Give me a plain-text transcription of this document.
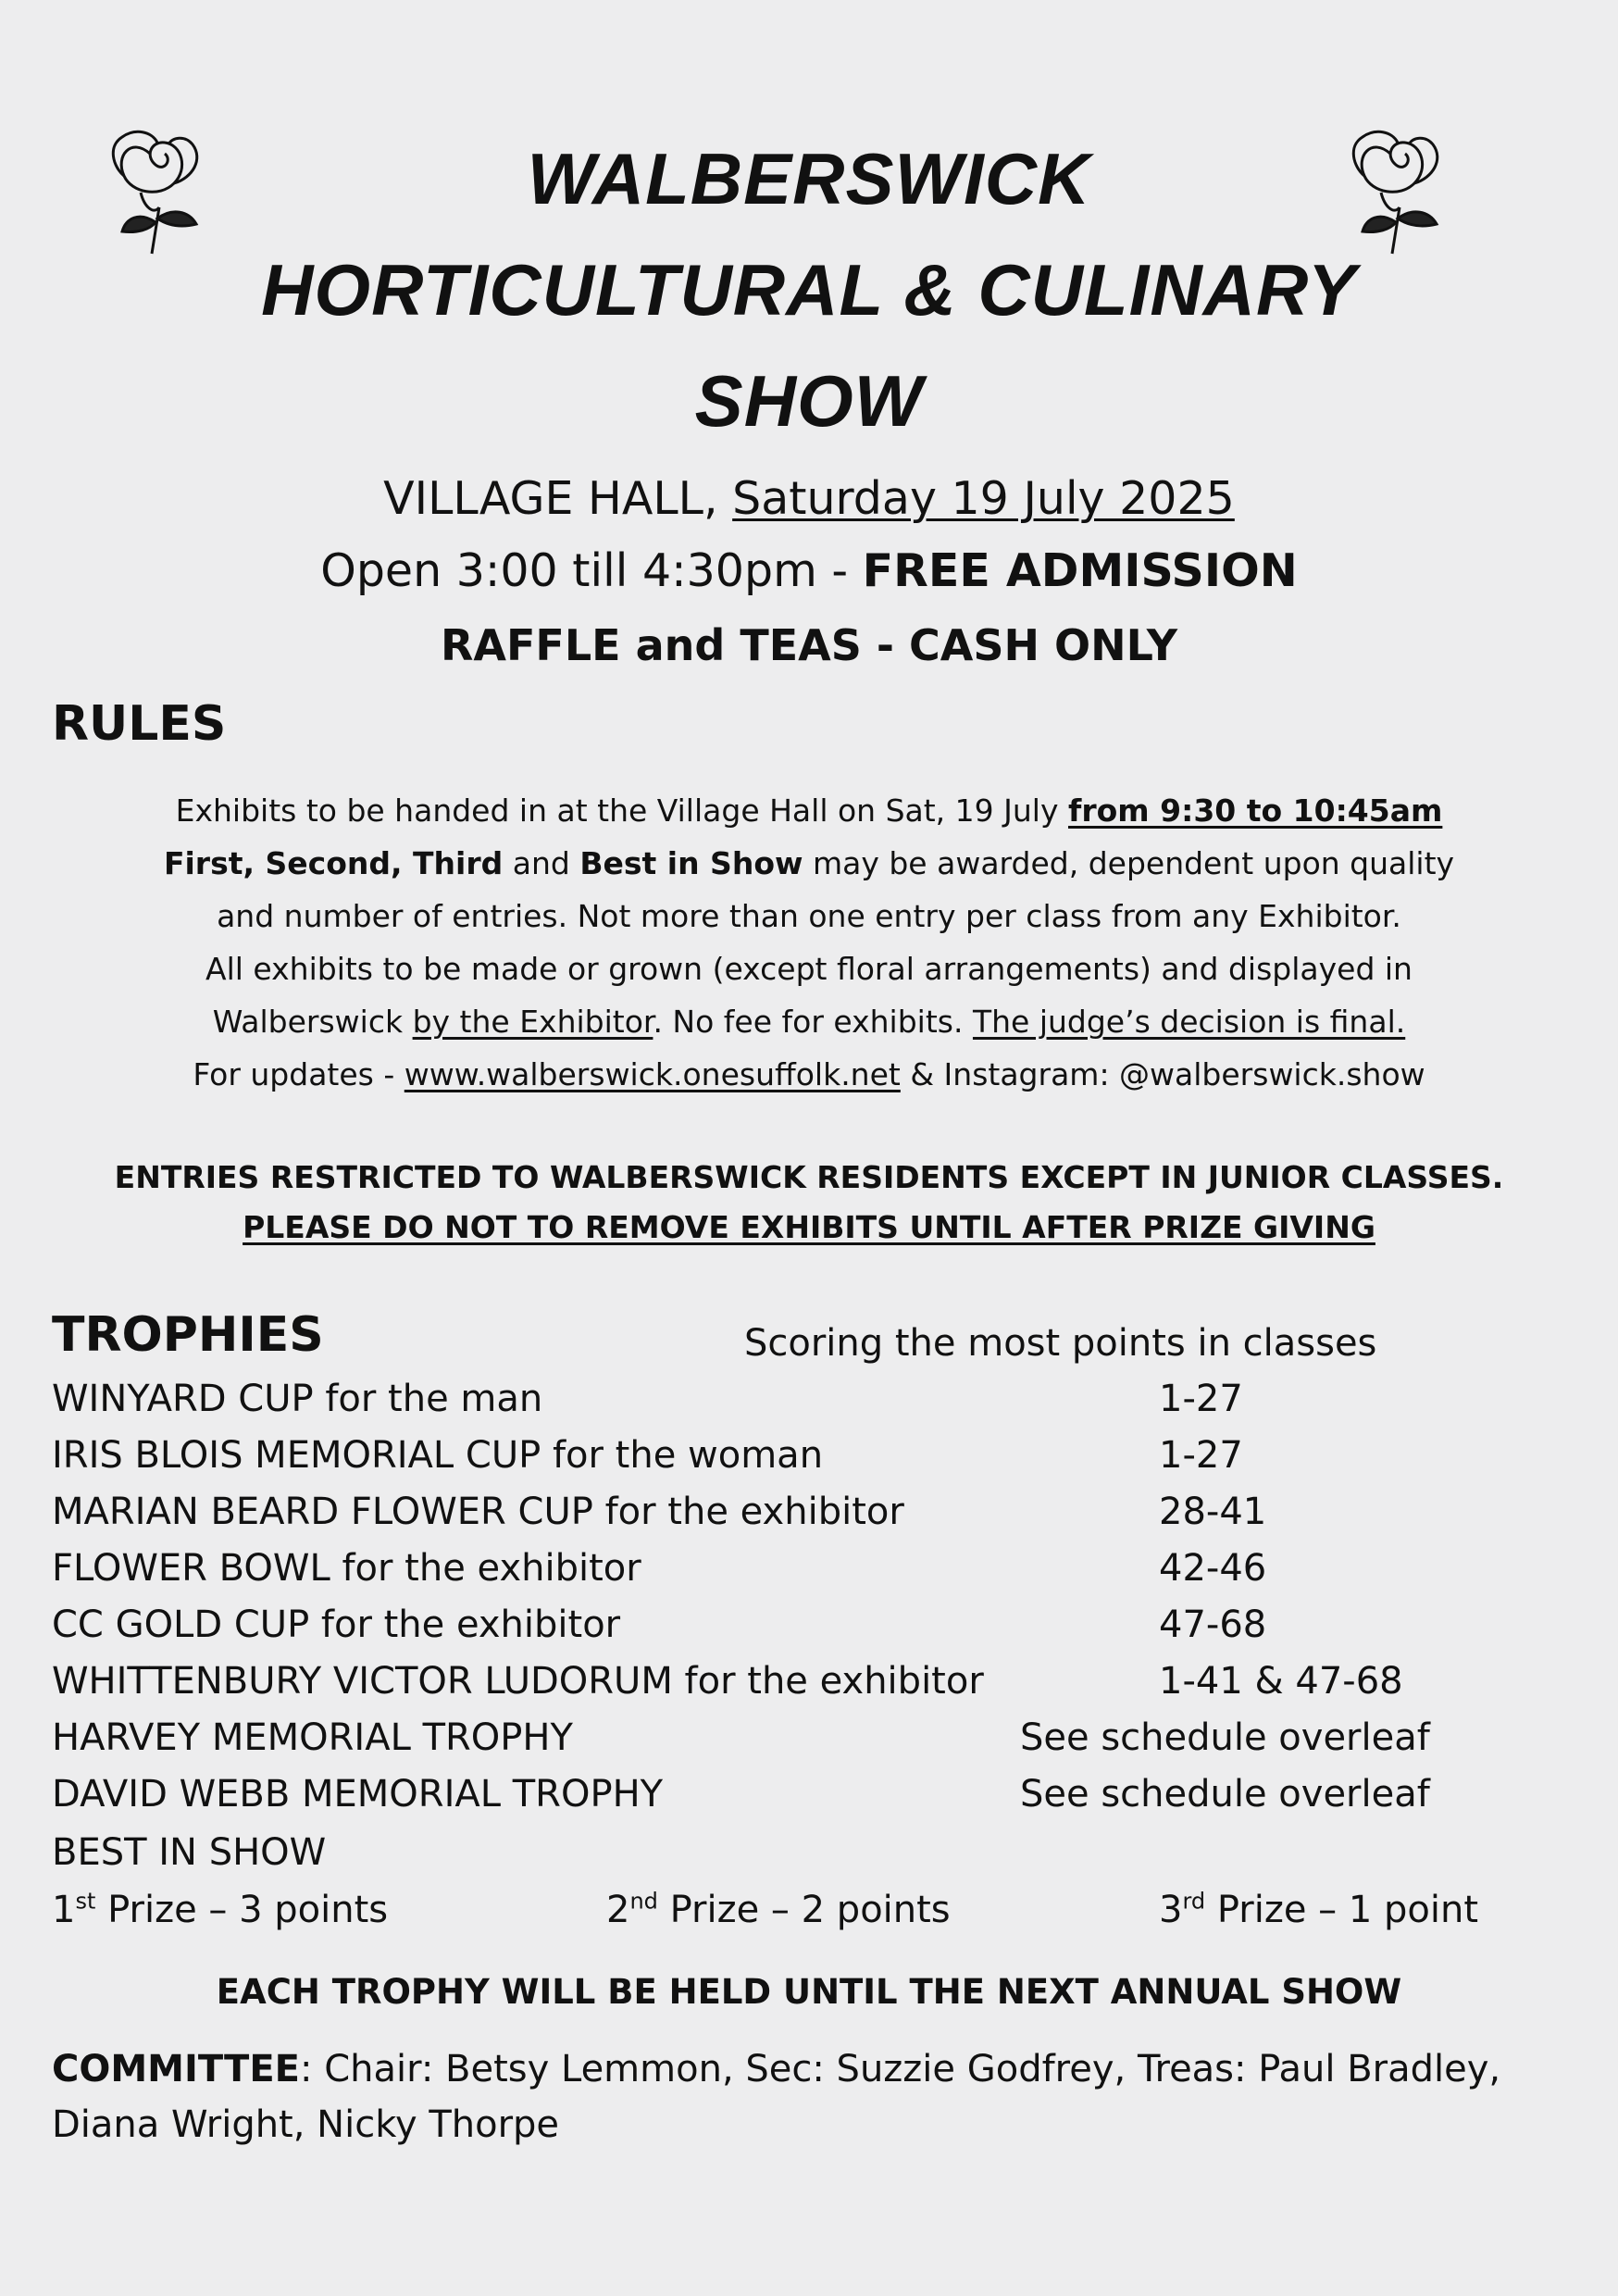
WALBERSWICK
HORTICULTURAL & CULINARY
SHOW
VILLAGE HALL, Saturday 19 July 2025
Open 3:00 till 4:30pm - FREE ADMISSION
RAFFLE and TEAS - CASH ONLY
RULES
Exhibits to be handed in at the Village Hall on Sat, 19 July from 9:30 to 10:45am
First, Second, Third and Best in Show may be awarded, dependent upon quality
and number of entries. Not more than one entry per class from any Exhibitor.
All exhibits to be made or grown (except floral arrangements) and displayed in
Walberswick by the Exhibitor. No fee for exhibits. The judge’s decision is final.
For updates - www.walberswick.onesuffolk.net & Instagram: @walberswick.show
ENTRIES RESTRICTED TO WALBERSWICK RESIDENTS EXCEPT IN JUNIOR CLASSES.
PLEASE DO NOT TO REMOVE EXHIBITS UNTIL AFTER PRIZE GIVING
TROPHIES	Scoring the most points in classes
WINYARD CUP for the man	1-27
IRIS BLOIS MEMORIAL CUP for the woman	1-27
MARIAN BEARD FLOWER CUP for the exhibitor	28-41
FLOWER BOWL for the exhibitor	42-46
CC GOLD CUP for the exhibitor	47-68
WHITTENBURY VICTOR LUDORUM for the exhibitor	1-41 & 47-68
HARVEY MEMORIAL TROPHY	See schedule overleaf
DAVID WEBB MEMORIAL TROPHY	See schedule overleaf
BEST IN SHOW
1st Prize – 3 points	2nd Prize – 2 points	3rd Prize – 1 point
EACH TROPHY WILL BE HELD UNTIL THE NEXT ANNUAL SHOW
COMMITTEE: Chair: Betsy Lemmon, Sec: Suzzie Godfrey, Treas: Paul Bradley,
Diana Wright, Nicky Thorpe
